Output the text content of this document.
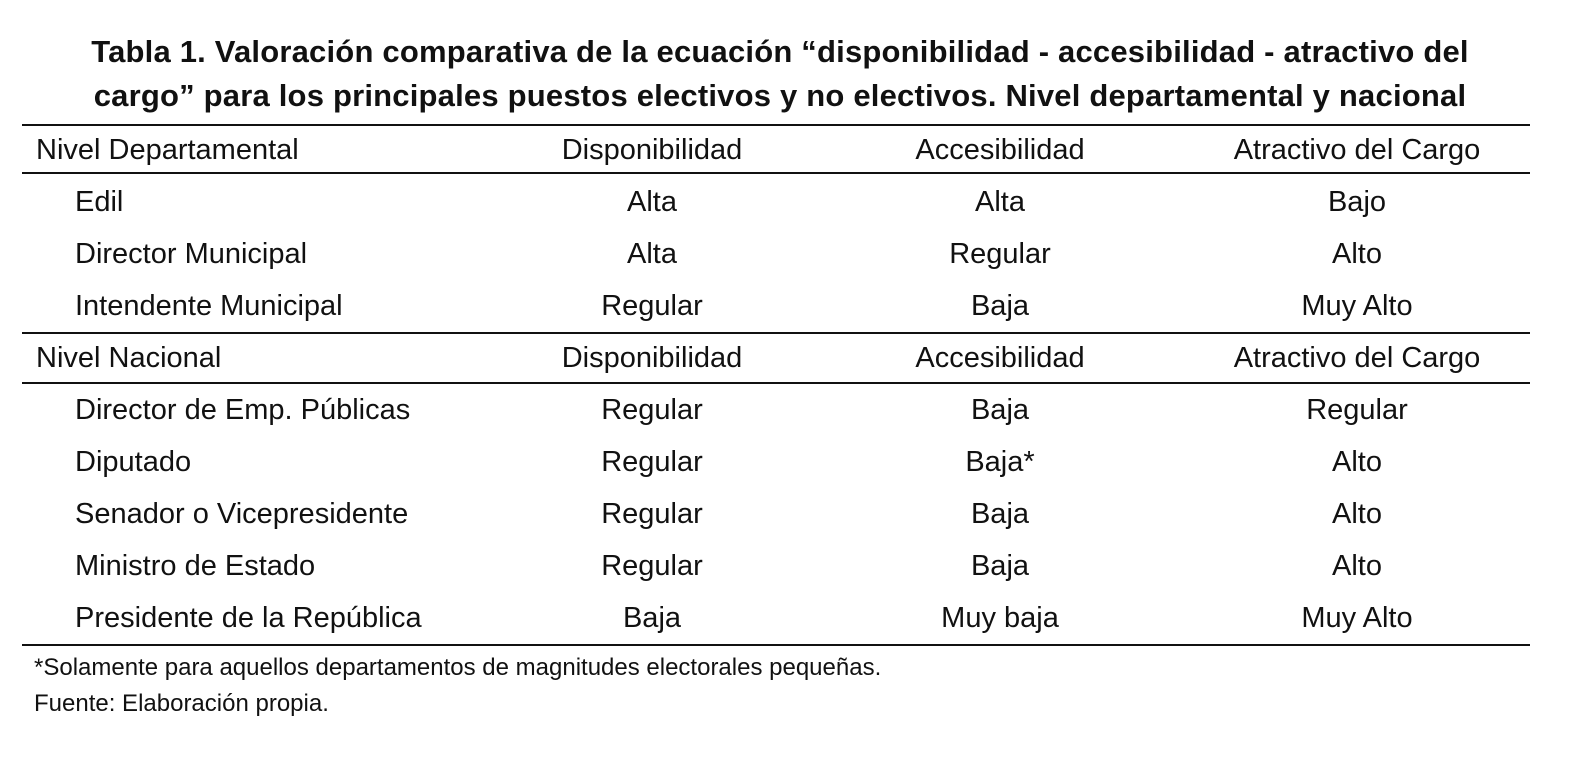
Tabla 1. Valoración comparativa de la ecuación “disponibilidad - accesibilidad - atractivo del
cargo” para los principales puestos electivos y no electivos. Nivel departamental y nacional
Nivel Departamental	Disponibilidad	Accesibilidad	Atractivo del Cargo
Edil	Alta	Alta	Bajo
Director Municipal	Alta	Regular	Alto
Intendente Municipal	Regular	Baja	Muy Alto
Nivel Nacional	Disponibilidad	Accesibilidad	Atractivo del Cargo
Director de Emp. Públicas	Regular	Baja	Regular
Diputado	Regular	Baja*	Alto
Senador o Vicepresidente	Regular	Baja	Alto
Ministro de Estado	Regular	Baja	Alto
Presidente de la República	Baja	Muy baja	Muy Alto
*Solamente para aquellos departamentos de magnitudes electorales pequeñas.
Fuente: Elaboración propia.
